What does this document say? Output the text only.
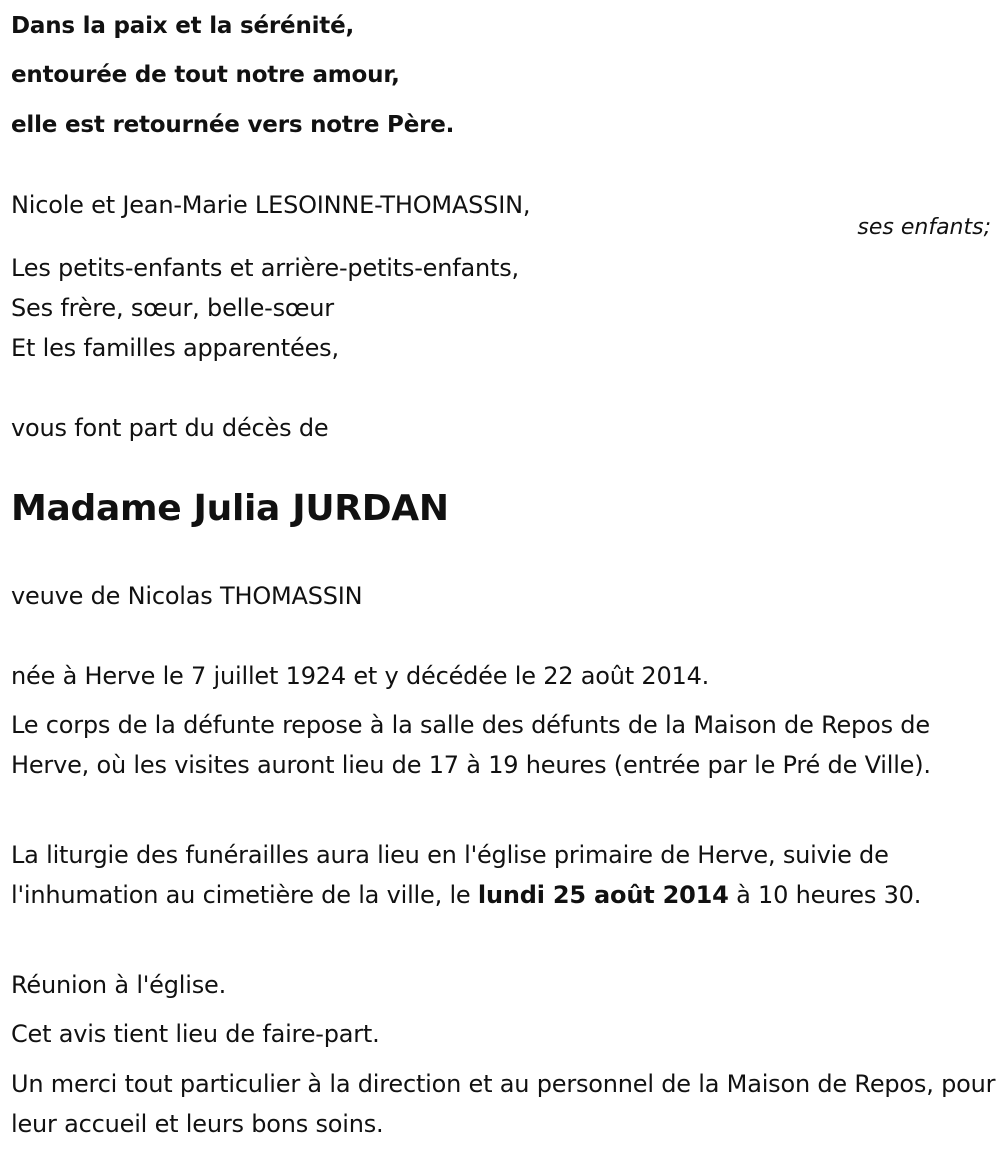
Dans la paix et la sérénité,
entourée de tout notre amour,
elle est retournée vers notre Père.
Nicole et Jean-Marie LESOINNE-THOMASSIN,
ses enfants;
Les petits-enfants et arrière-petits-enfants,
Ses frère, sœur, belle-sœur
Et les familles apparentées,
vous font part du décès de
Madame Julia JURDAN
veuve de Nicolas THOMASSIN
née à Herve le 7 juillet 1924 et y décédée le 22 août 2014.
Le corps de la défunte repose à la salle des défunts de la Maison de Repos de Herve, où les visites auront lieu de 17 à 19 heures (entrée par le Pré de Ville).
La liturgie des funérailles aura lieu en l'église primaire de Herve, suivie de l'inhumation au cimetière de la ville, le lundi 25 août 2014 à 10 heures 30.
Réunion à l'église.
Cet avis tient lieu de faire-part.
Un merci tout particulier à la direction et au personnel de la Maison de Repos, pour leur accueil et leurs bons soins.
